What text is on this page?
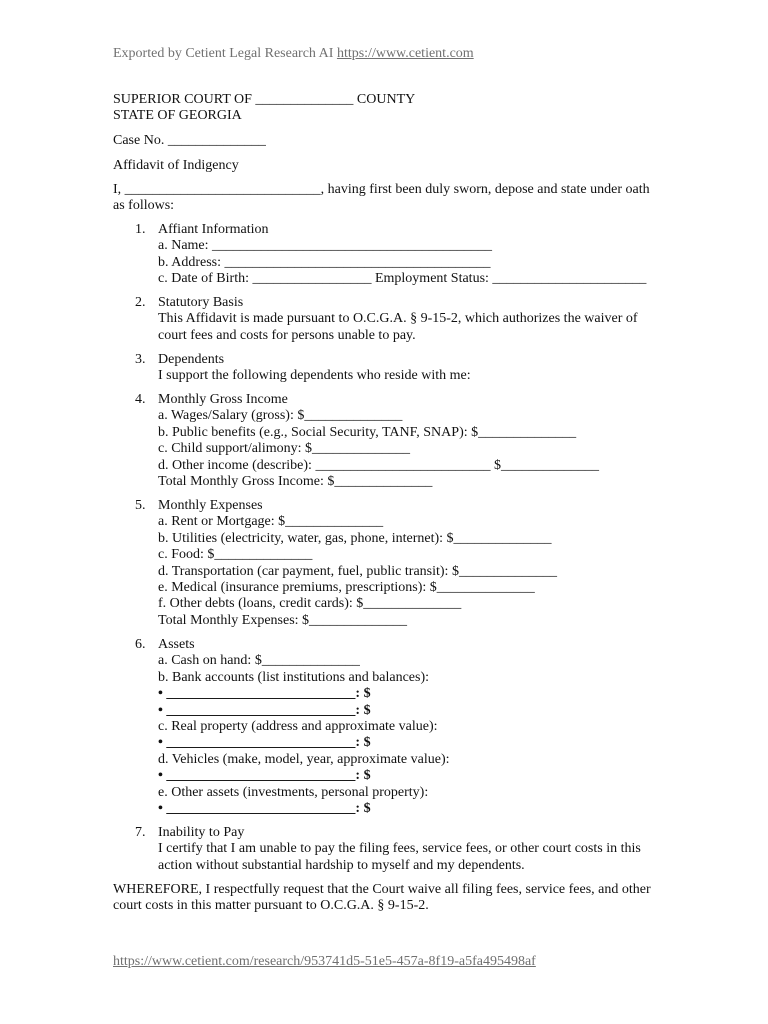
Exported by Cetient Legal Research AI https://www.cetient.com
SUPERIOR COURT OF ______________ COUNTY
STATE OF GEORGIA
Case No. ______________
Affidavit of Indigency
I, ____________________________, having first been duly sworn, depose and state under oath as follows:
1. Affiant Information
a. Name: ________________________________________
b. Address: ______________________________________
c. Date of Birth: _________________ Employment Status: ______________________
2. Statutory Basis
This Affidavit is made pursuant to O.C.G.A. § 9-15-2, which authorizes the waiver of court fees and costs for persons unable to pay.
3. Dependents
I support the following dependents who reside with me:
4. Monthly Gross Income
a. Wages/Salary (gross): $______________
b. Public benefits (e.g., Social Security, TANF, SNAP): $______________
c. Child support/alimony: $______________
d. Other income (describe): _________________________ $______________
Total Monthly Gross Income: $______________
5. Monthly Expenses
a. Rent or Mortgage: $______________
b. Utilities (electricity, water, gas, phone, internet): $______________
c. Food: $______________
d. Transportation (car payment, fuel, public transit): $______________
e. Medical (insurance premiums, prescriptions): $______________
f. Other debts (loans, credit cards): $______________
Total Monthly Expenses: $______________
6. Assets
a. Cash on hand: $______________
b. Bank accounts (list institutions and balances):
• ___________________________: $
• ___________________________: $
c. Real property (address and approximate value):
• ___________________________: $
d. Vehicles (make, model, year, approximate value):
• ___________________________: $
e. Other assets (investments, personal property):
• ___________________________: $
7. Inability to Pay
I certify that I am unable to pay the filing fees, service fees, or other court costs in this action without substantial hardship to myself and my dependents.
WHEREFORE, I respectfully request that the Court waive all filing fees, service fees, and other court costs in this matter pursuant to O.C.G.A. § 9-15-2.
https://www.cetient.com/research/953741d5-51e5-457a-8f19-a5fa495498af
